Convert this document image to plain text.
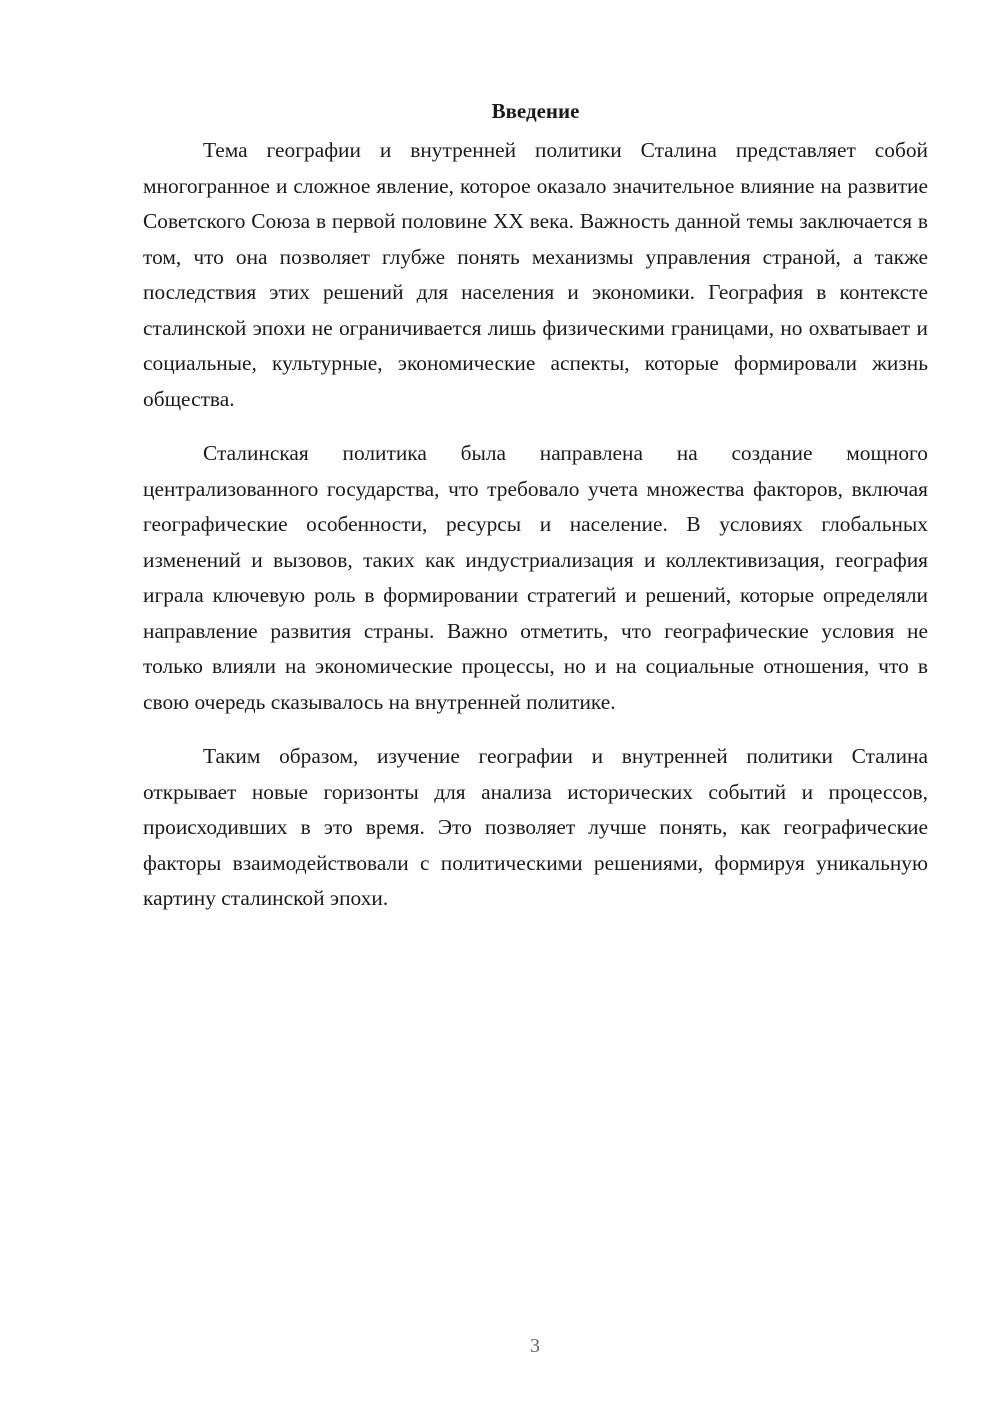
Введение

Тема географии и внутренней политики Сталина представляет собой многогранное и сложное явление, которое оказало значительное влияние на развитие Советского Союза в первой половине XX века. Важность данной темы заключается в том, что она позволяет глубже понять механизмы управления страной, а также последствия этих решений для населения и экономики. География в контексте сталинской эпохи не ограничивается лишь физическими границами, но охватывает и социальные, культурные, экономические аспекты, которые формировали жизнь общества.

Сталинская политика была направлена на создание мощного централизованного государства, что требовало учета множества факторов, включая географические особенности, ресурсы и население. В условиях глобальных изменений и вызовов, таких как индустриализация и коллективизация, география играла ключевую роль в формировании стратегий и решений, которые определяли направление развития страны. Важно отметить, что географические условия не только влияли на экономические процессы, но и на социальные отношения, что в свою очередь сказывалось на внутренней политике.

Таким образом, изучение географии и внутренней политики Сталина открывает новые горизонты для анализа исторических событий и процессов, происходивших в это время. Это позволяет лучше понять, как географические факторы взаимодействовали с политическими решениями, формируя уникальную картину сталинской эпохи.

3
